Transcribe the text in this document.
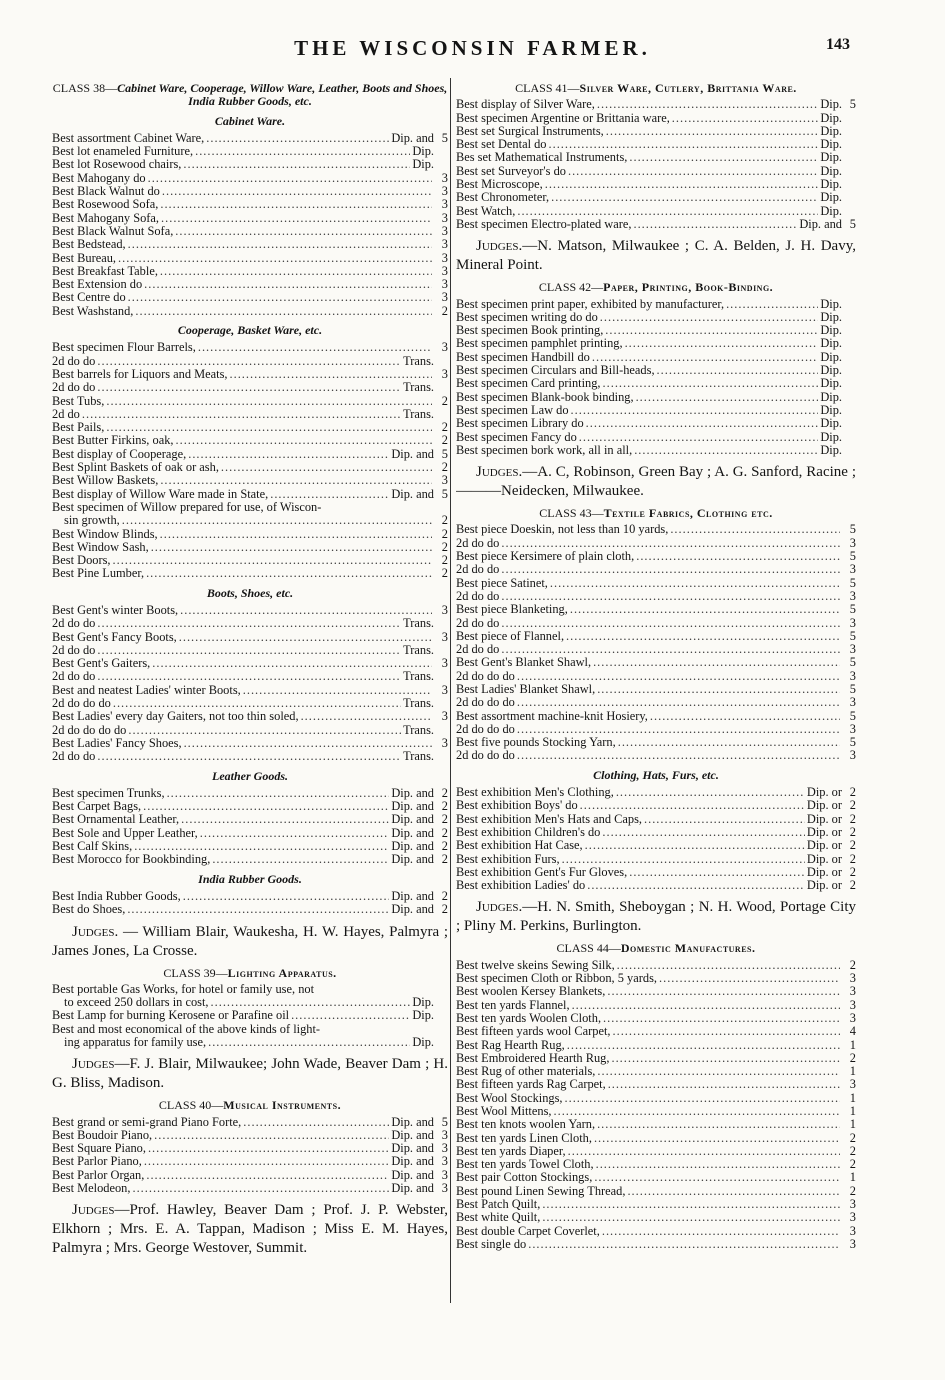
THE WISCONSIN FARMER.	143
CLASS 38—Cabinet Ware, Cooperage, Willow Ware, Leather, Boots and Shoes, India Rubber Goods, etc.
Cabinet Ware.
Best assortment Cabinet Ware, .....	Dip. and 5
Best lot enameled Furniture, .....	Dip.
Best lot Rosewood chairs, .....	Dip.
Best Mahogany do .....	3
Best Black Walnut do .....	3
Best Rosewood Sofa, .....	3
Best Mahogany Sofa, .....	3
Best Black Walnut Sofa, .....	3
Best Bedstead, .....	3
Best Bureau, .....	3
Best Breakfast Table, .....	3
Best Extension do .....	3
Best Centre do .....	3
Best Washstand, .....	2
Cooperage, Basket Ware, etc.
Best specimen Flour Barrels, .....	3
2d do do .....	Trans.
Best barrels for Liquors and Meats, .....	3
2d do do .....	Trans.
Best Tubs, .....	2
2d do .....	Trans.
Best Pails, .....	2
Best Butter Firkins, oak, .....	2
Best display of Cooperage, .....	Dip. and 5
Best Splint Baskets of oak or ash, .....	2
Best Willow Baskets, .....	3
Best display of Willow Ware made in State, .....	Dip. and 5
Best specimen of Willow prepared for use, of Wiscon-
sin growth, .....	2
Best Window Blinds, .....	2
Best Window Sash, .....	2
Best Doors, .....	2
Best Pine Lumber, .....	2
Boots, Shoes, etc.
Best Gent's winter Boots, .....	3
2d do do .....	Trans.
Best Gent's Fancy Boots, .....	3
2d do do .....	Trans.
Best Gent's Gaiters, .....	3
2d do do .....	Trans.
Best and neatest Ladies' winter Boots, .....	3
2d do do do .....	Trans.
Best Ladies' every day Gaiters, not too thin soled, .....	3
2d do do do do .....	Trans.
Best Ladies' Fancy Shoes, .....	3
2d do do .....	Trans.
Leather Goods.
Best specimen Trunks, .....	Dip. and 2
Best Carpet Bags, .....	Dip. and 2
Best Ornamental Leather, .....	Dip. and 2
Best Sole and Upper Leather, .....	Dip. and 2
Best Calf Skins, .....	Dip. and 2
Best Morocco for Bookbinding, .....	Dip. and 2
India Rubber Goods.
Best India Rubber Goods, .....	Dip. and 2
Best do Shoes, .....	Dip. and 2
Judges. — William Blair, Waukesha, H. W. Hayes, Palmyra ; James Jones, La Crosse.
CLASS 39—Lighting Apparatus.
Best portable Gas Works, for hotel or family use, not
to exceed 250 dollars in cost, .....	Dip.
Best Lamp for burning Kerosene or Parafine oil .....	Dip.
Best and most economical of the above kinds of light-
ing apparatus for family use, .....	Dip.
Judges—F. J. Blair, Milwaukee; John Wade, Beaver Dam ; H. G. Bliss, Madison.
CLASS 40—Musical Instruments.
Best grand or semi-grand Piano Forte, .....	Dip. and 5
Best Boudoir Piano, .....	Dip. and 3
Best Square Piano, .....	Dip. and 3
Best Parlor Piano, .....	Dip. and 3
Best Parlor Organ, .....	Dip. and 3
Best Melodeon, .....	Dip. and 3
Judges—Prof. Hawley, Beaver Dam ; Prof. J. P. Webster, Elkhorn ; Mrs. E. A. Tappan, Madison ; Miss E. M. Hayes, Palmyra ; Mrs. George Westover, Summit.
CLASS 41—Silver Ware, Cutlery, Brittania Ware.
Best display of Silver Ware, .....	Dip. 5
Best specimen Argentine or Brittania ware, .....	Dip.
Best set Surgical Instruments, .....	Dip.
Best set Dental do .....	Dip.
Bes set Mathematical Instruments, .....	Dip.
Best set Surveyor's do .....	Dip.
Best Microscope, .....	Dip.
Best Chronometer, .....	Dip.
Best Watch, .....	Dip.
Best specimen Electro-plated ware, .....	Dip. and 5
Judges.—N. Matson, Milwaukee ; C. A. Belden, J. H. Davy, Mineral Point.
CLASS 42—Paper, Printing, Book-Binding.
Best specimen print paper, exhibited by manufacturer, .....	Dip.
Best specimen writing do do .....	Dip.
Best specimen Book printing, .....	Dip.
Best specimen pamphlet printing, .....	Dip.
Best specimen Handbill do .....	Dip.
Best specimen Circulars and Bill-heads, .....	Dip.
Best specimen Card printing, .....	Dip.
Best specimen Blank-book binding, .....	Dip.
Best specimen Law do .....	Dip.
Best specimen Library do .....	Dip.
Best specimen Fancy do .....	Dip.
Best specimen bork work, all in all, .....	Dip.
Judges.—A. C, Robinson, Green Bay ; A. G. Sanford, Racine ; ———Neidecken, Milwaukee.
CLASS 43—Textile Fabrics, Clothing etc.
Best piece Doeskin, not less than 10 yards, .....	5
2d do do .....	3
Best piece Kersimere of plain cloth, .....	5
2d do do .....	3
Best piece Satinet, .....	5
2d do do .....	3
Best piece Blanketing, .....	5
2d do do .....	3
Best piece of Flannel, .....	5
2d do do .....	3
Best Gent's Blanket Shawl, .....	5
2d do do do .....	3
Best Ladies' Blanket Shawl, .....	5
2d do do do .....	3
Best assortment machine-knit Hosiery, .....	5
2d do do do .....	3
Best five pounds Stocking Yarn, .....	5
2d do do do .....	3
Clothing, Hats, Furs, etc.
Best exhibition Men's Clothing, .....	Dip. or 2
Best exhibition Boys' do .....	Dip. or 2
Best exhibition Men's Hats and Caps, .....	Dip. or 2
Best exhibition Children's do .....	Dip. or 2
Best exhibition Hat Case, .....	Dip. or 2
Best exhibition Furs, .....	Dip. or 2
Best exhibition Gent's Fur Gloves, .....	Dip. or 2
Best exhibition Ladies' do .....	Dip. or 2
Judges.—H. N. Smith, Sheboygan ; N. H. Wood, Portage City ; Pliny M. Perkins, Burlington.
CLASS 44—Domestic Manufactures.
Best twelve skeins Sewing Silk, .....	2
Best specimen Cloth or Ribbon, 5 yards, .....	3
Best woolen Kersey Blankets, .....	3
Best ten yards Flannel, .....	3
Best ten yards Woolen Cloth, .....	3
Best fifteen yards wool Carpet, .....	4
Best Rag Hearth Rug, .....	1
Best Embroidered Hearth Rug, .....	2
Best Rug of other materials, .....	1
Best fifteen yards Rag Carpet, .....	3
Best Wool Stockings, .....	1
Best Wool Mittens, .....	1
Best ten knots woolen Yarn, .....	1
Best ten yards Linen Cloth, .....	2
Best ten yards Diaper, .....	2
Best ten yards Towel Cloth, .....	2
Best pair Cotton Stockings, .....	1
Best pound Linen Sewing Thread, .....	2
Best Patch Quilt, .....	3
Best white Quilt, .....	3
Best double Carpet Coverlet, .....	3
Best single do .....	3
